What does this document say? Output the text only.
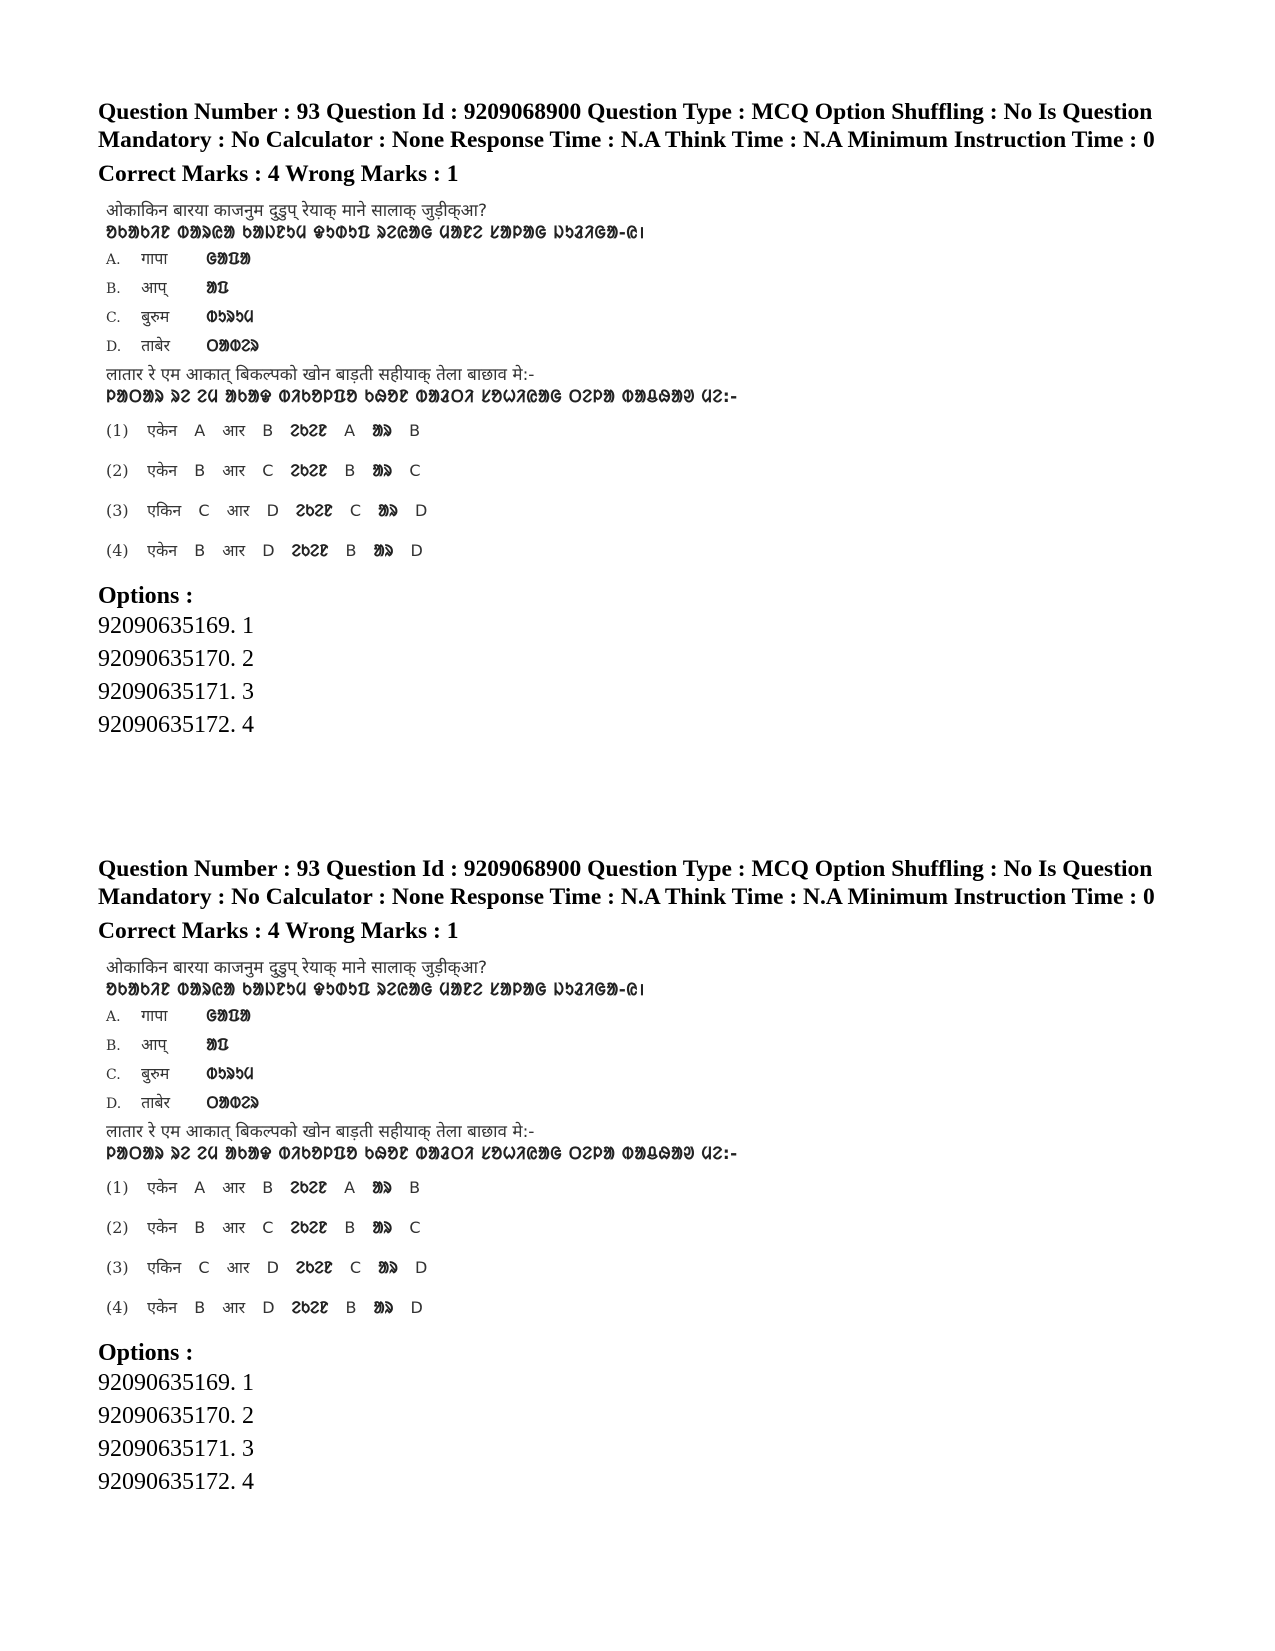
Question Number : 93 Question Id : 9209068900 Question Type : MCQ Option Shuffling : No Is Question Mandatory : No Calculator : None Response Time : N.A Think Time : N.A Minimum Instruction Time : 0

Correct Marks : 4 Wrong Marks : 1
ओकाकिन बारया काजनुम दुडुप् रेयाक् माने सालाक् जुड़ीक्आ?
ᱚᱠᱟᱠᱤᱱ ᱵᱟᱨᱭᱟ ᱠᱟᱡᱱᱩᱢ ᱫᱩᱰᱩᱯ ᱨᱮᱭᱟᱜ ᱢᱟᱱᱮ ᱥᱟᱞᱟᱜ ᱡᱩᱲᱤᱜᱟ-ᱭ।
A. गापा ᱜᱟᱯᱟ
B. आप् ᱟᱯ
C. बुरुम ᱵᱩᱨᱩᱢ
D. ताबेर ᱛᱟᱵᱮᱨ
लातार रे एम आकात् बिकल्पको खोन बाड़ती सहीयाक् तेला बाछाव मे:-
ᱞᱟᱛᱟᱨ ᱨᱮ ᱮᱢ ᱟᱠᱟᱫ ᱵᱤᱠᱚᱞᱯᱚ ᱠᱷᱚᱱ ᱵᱟᱲᱛᱤ ᱥᱚᱦᱤᱭᱟᱜ ᱛᱮᱞᱟ ᱵᱟᱪᱷᱟᱣ ᱢᱮ:-
(1) एकेन A आर B ᱮᱠᱮᱱ A ᱟᱨ B
(2) एकेन B आर C ᱮᱠᱮᱱ B ᱟᱨ C
(3) एकिन C आर D ᱮᱠᱮᱱ C ᱟᱨ D
(4) एकेन B आर D ᱮᱠᱮᱱ B ᱟᱨ D
Options :
92090635169. 1
92090635170. 2
92090635171. 3
92090635172. 4

Question Number : 93 Question Id : 9209068900 Question Type : MCQ Option Shuffling : No Is Question Mandatory : No Calculator : None Response Time : N.A Think Time : N.A Minimum Instruction Time : 0

Correct Marks : 4 Wrong Marks : 1
ओकाकिन बारया काजनुम दुडुप् रेयाक् माने सालाक् जुड़ीक्आ?
ᱚᱠᱟᱠᱤᱱ ᱵᱟᱨᱭᱟ ᱠᱟᱡᱱᱩᱢ ᱫᱩᱰᱩᱯ ᱨᱮᱭᱟᱜ ᱢᱟᱱᱮ ᱥᱟᱞᱟᱜ ᱡᱩᱲᱤᱜᱟ-ᱭ।
A. गापा ᱜᱟᱯᱟ
B. आप् ᱟᱯ
C. बुरुम ᱵᱩᱨᱩᱢ
D. ताबेर ᱛᱟᱵᱮᱨ
लातार रे एम आकात् बिकल्पको खोन बाड़ती सहीयाक् तेला बाछाव मे:-
ᱞᱟᱛᱟᱨ ᱨᱮ ᱮᱢ ᱟᱠᱟᱫ ᱵᱤᱠᱚᱞᱯᱚ ᱠᱷᱚᱱ ᱵᱟᱲᱛᱤ ᱥᱚᱦᱤᱭᱟᱜ ᱛᱮᱞᱟ ᱵᱟᱪᱷᱟᱣ ᱢᱮ:-
(1) एकेन A आर B ᱮᱠᱮᱱ A ᱟᱨ B
(2) एकेन B आर C ᱮᱠᱮᱱ B ᱟᱨ C
(3) एकिन C आर D ᱮᱠᱮᱱ C ᱟᱨ D
(4) एकेन B आर D ᱮᱠᱮᱱ B ᱟᱨ D
Options :
92090635169. 1
92090635170. 2
92090635171. 3
92090635172. 4
